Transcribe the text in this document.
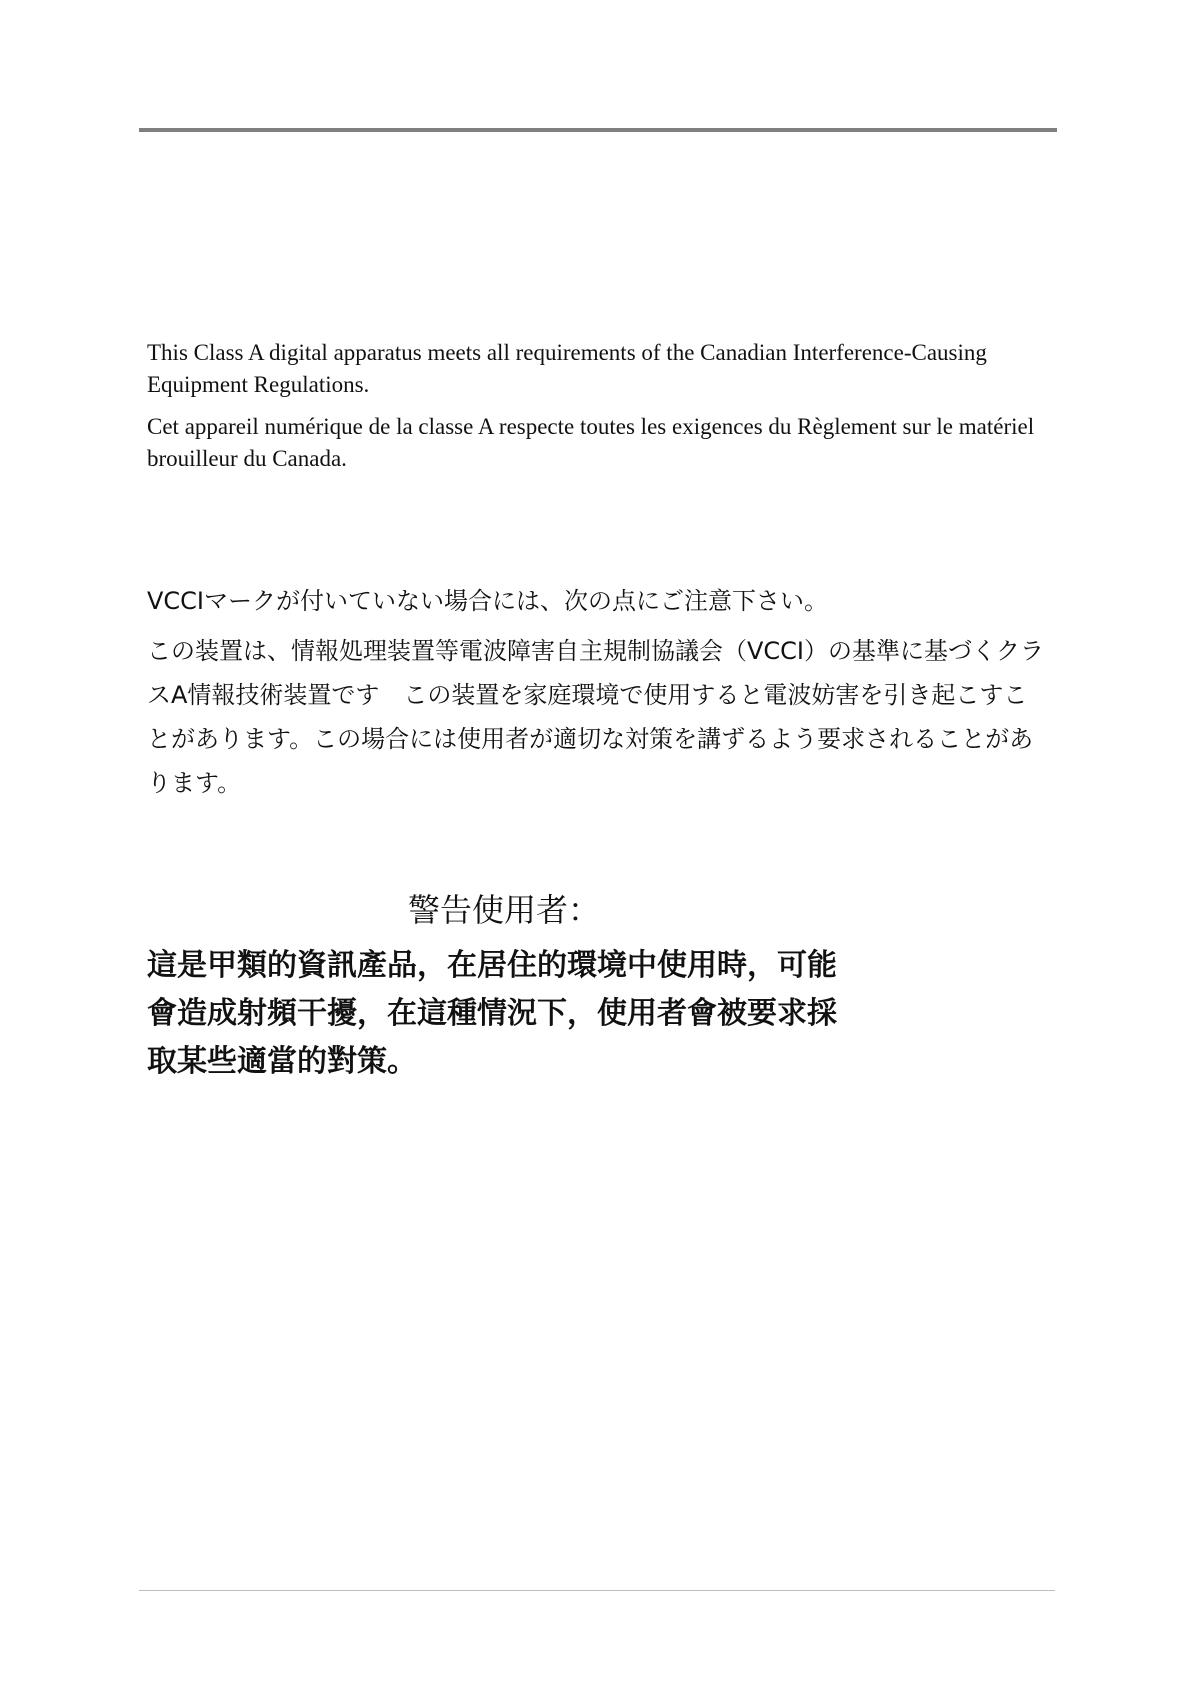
This Class A digital apparatus meets all requirements of the Canadian Interference-Causing Equipment Regulations.

Cet appareil numérique de la classe A respecte toutes les exigences du Règlement sur le matériel brouilleur du Canada.

VCCIマークが付いていない場合には、次の点にご注意下さい。

この装置は、情報処理装置等電波障害自主規制協議会（VCCI）の基準に基づくクラスA情報技術装置です　この装置を家庭環境で使用すると電波妨害を引き起こすことがあります。この場合には使用者が適切な対策を講ずるよう要求されることがあります。

警告使用者：

這是甲類的資訊產品，在居住的環境中使用時，可能

會造成射頻干擾，在這種情況下，使用者會被要求採

取某些適當的對策。
